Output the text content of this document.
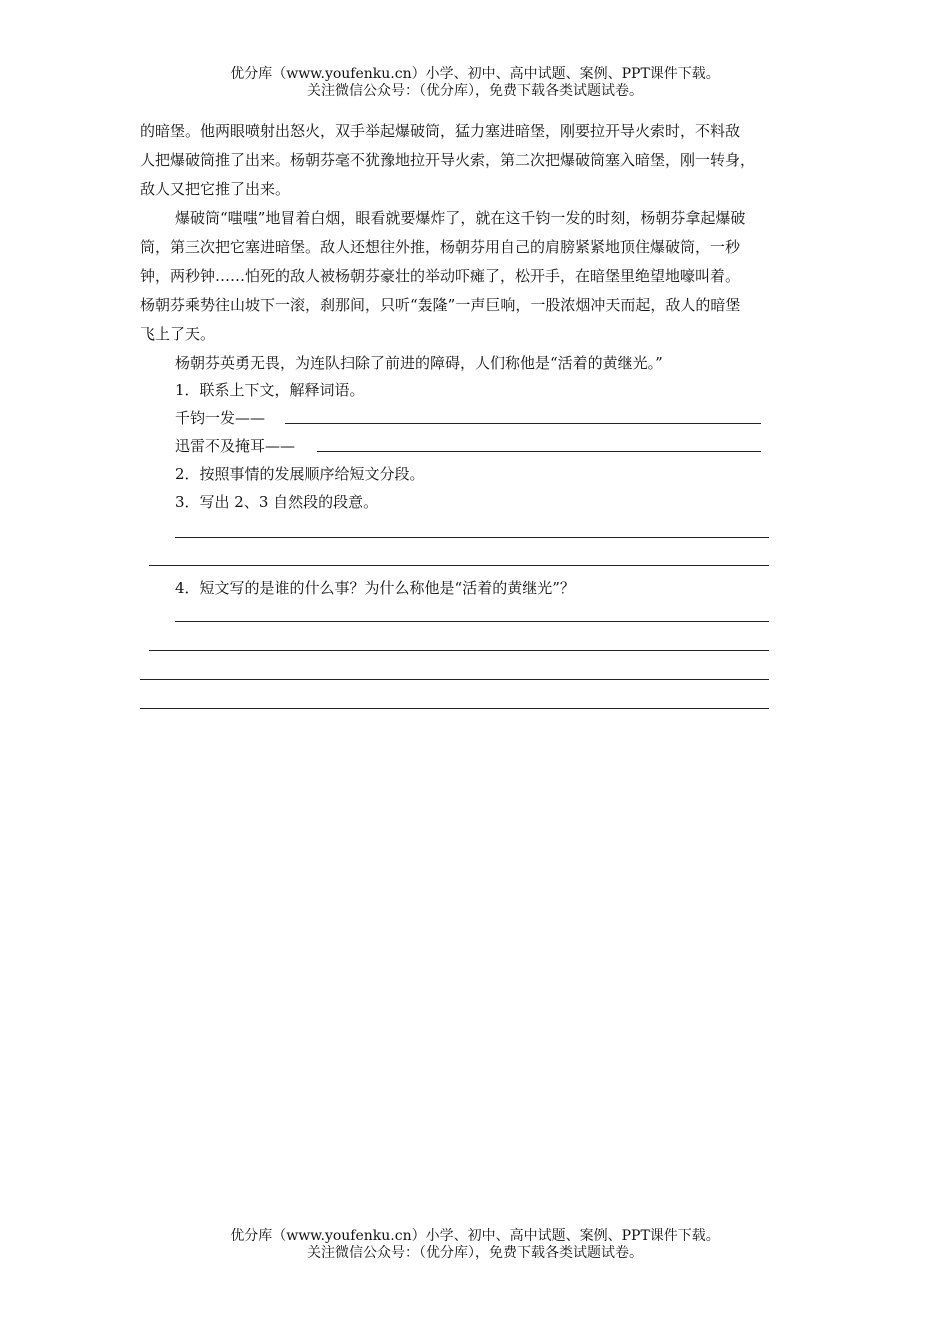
优分库（www.youfenku.cn）小学、初中、高中试题、案例、PPT课件下载。
关注微信公众号：（优分库），免费下载各类试题试卷。
的暗堡。他两眼喷射出怒火，双手举起爆破筒，猛力塞进暗堡，刚要拉开导火索时，不料敌
人把爆破筒推了出来。杨朝芬毫不犹豫地拉开导火索，第二次把爆破筒塞入暗堡，刚一转身，
敌人又把它推了出来。
爆破筒“嗤嗤”地冒着白烟，眼看就要爆炸了，就在这千钧一发的时刻，杨朝芬拿起爆破
筒，第三次把它塞进暗堡。敌人还想往外推，杨朝芬用自己的肩膀紧紧地顶住爆破筒，一秒
钟，两秒钟……怕死的敌人被杨朝芬豪壮的举动吓瘫了，松开手，在暗堡里绝望地嚎叫着。
杨朝芬乘势往山坡下一滚，刹那间，只听“轰隆”一声巨响，一股浓烟冲天而起，敌人的暗堡
飞上了天。
杨朝芬英勇无畏，为连队扫除了前进的障碍，人们称他是“活着的黄继光。”
1．联系上下文，解释词语。
千钧一发——
迅雷不及掩耳——
2．按照事情的发展顺序给短文分段。
3．写出 2、3 自然段的段意。
4．短文写的是谁的什么事？为什么称他是“活着的黄继光”？
优分库（www.youfenku.cn）小学、初中、高中试题、案例、PPT课件下载。
关注微信公众号：（优分库），免费下载各类试题试卷。
